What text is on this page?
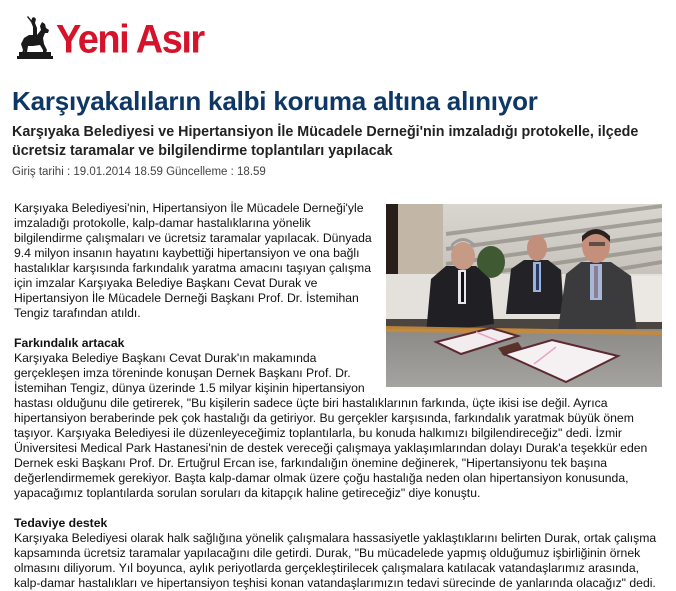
Yeni Asır
Karşıyakalıların kalbi koruma altına alınıyor
Karşıyaka Belediyesi ve Hipertansiyon İle Mücadele Derneği'nin imzaladığı protokelle, ilçede ücretsiz taramalar ve bilgilendirme toplantıları yapılacak
Giriş tarihi : 19.01.2014 18.59 Güncelleme : 18.59

Karşıyaka Belediyesi'nin, Hipertansiyon İle Mücadele Derneği'yle imzaladığı protokolle, kalp-damar hastalıklarına yönelik bilgilendirme çalışmaları ve ücretsiz taramalar yapılacak. Dünyada 9.4 milyon insanın hayatını kaybettiği hipertansiyon ve ona bağlı hastalıklar karşısında farkındalık yaratma amacını taşıyan çalışma için imzalar Karşıyaka Belediye Başkanı Cevat Durak ve Hipertansiyon İle Mücadele Derneği Başkanı Prof. Dr. İstemihan Tengiz tarafından atıldı.

Farkındalık artacak

Karşıyaka Belediye Başkanı Cevat Durak'ın makamında gerçekleşen imza töreninde konuşan Dernek Başkanı Prof. Dr. İstemihan Tengiz, dünya üzerinde 1.5 milyar kişinin hipertansiyon hastası olduğunu dile getirerek, "Bu kişilerin sadece üçte biri hastalıklarının farkında, üçte ikisi ise değil. Ayrıca hipertansiyon beraberinde pek çok hastalığı da getiriyor. Bu gerçekler karşısında, farkındalık yaratmak büyük önem taşıyor. Karşıyaka Belediyesi ile düzenleyeceğimiz toplantılarla, bu konuda halkımızı bilgilendireceğiz" dedi. İzmir Üniversitesi Medical Park Hastanesi'nin de destek vereceği çalışmaya yaklaşımlarından dolayı Durak'a teşekkür eden Dernek eski Başkanı Prof. Dr. Ertuğrul Ercan ise, farkındalığın önemine değinerek, "Hipertansiyonu tek başına değerlendirmemek gerekiyor. Başta kalp-damar olmak üzere çoğu hastalığa neden olan hipertansiyon konusunda, yapacağımız toplantılarda sorulan soruları da kitapçık haline getireceğiz" diye konuştu.

Tedaviye destek

Karşıyaka Belediyesi olarak halk sağlığına yönelik çalışmalara hassasiyetle yaklaştıklarını belirten Durak, ortak çalışma kapsamında ücretsiz taramalar yapılacağını dile getirdi. Durak, "Bu mücadelede yapmış olduğumuz işbirliğinin örnek olmasını diliyorum. Yıl boyunca, aylık periyotlarda gerçekleştirilecek çalışmalara katılacak vatandaşlarımız arasında, kalp-damar hastalıkları ve hipertansiyon teşhisi konan vatandaşlarımızın tedavi sürecinde de yanlarında olacağız" dedi.
